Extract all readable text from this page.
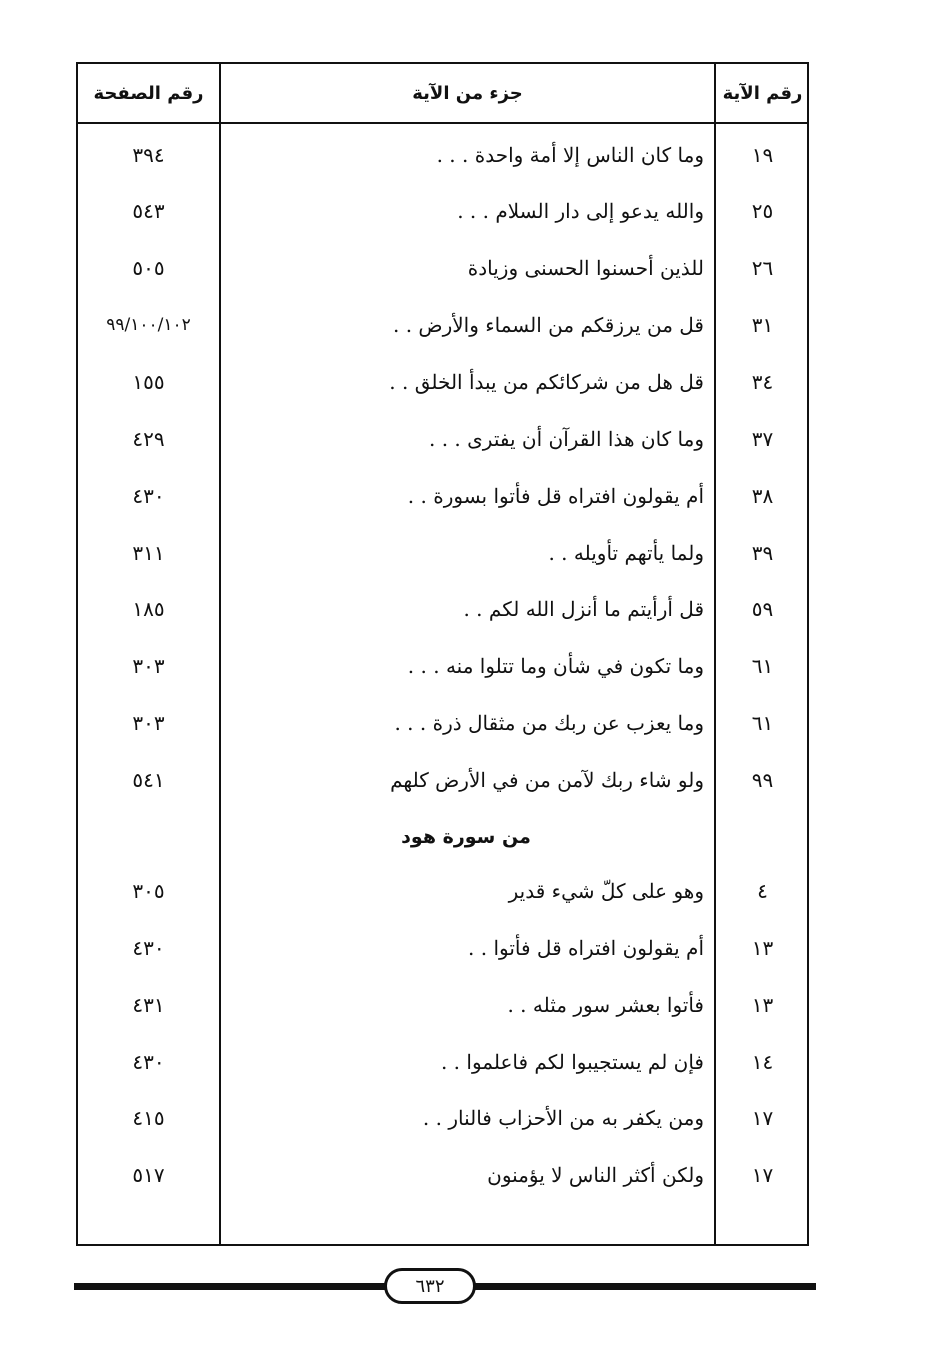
رقم الصفحة	جزء من الآية	رقم الآية
٣٩٤	وما كان الناس إلا أمة واحدة . . .	١٩
٥٤٣	والله يدعو إلى دار السلام . . .	٢٥
٥٠٥	للذين أحسنوا الحسنى وزيادة	٢٦
٩٩/١٠٠/١٠٢	قل من يرزقكم من السماء والأرض . .	٣١
١٥٥	قل هل من شركائكم من يبدأ الخلق . .	٣٤
٤٢٩	وما كان هذا القرآن أن يفترى . . .	٣٧
٤٣٠	أم يقولون افتراه قل فأتوا بسورة . .	٣٨
٣١١	ولما يأتهم تأويله . .	٣٩
١٨٥	قل أرأيتم ما أنزل الله لكم . .	٥٩
٣٠٣	وما تكون في شأن وما تتلوا منه . . .	٦١
٣٠٣	وما يعزب عن ربك من مثقال ذرة . . .	٦١
٥٤١	ولو شاء ربك لآمن من في الأرض كلهم	٩٩
من سورة هود
٣٠٥	وهو على كلّ شيء قدير	٤
٤٣٠	أم يقولون افتراه قل فأتوا . .	١٣
٤٣١	فأتوا بعشر سور مثله . .	١٣
٤٣٠	فإن لم يستجيبوا لكم فاعلموا . .	١٤
٤١٥	ومن يكفر به من الأحزاب فالنار . .	١٧
٥١٧	ولكن أكثر الناس لا يؤمنون	١٧
٦٣٢
